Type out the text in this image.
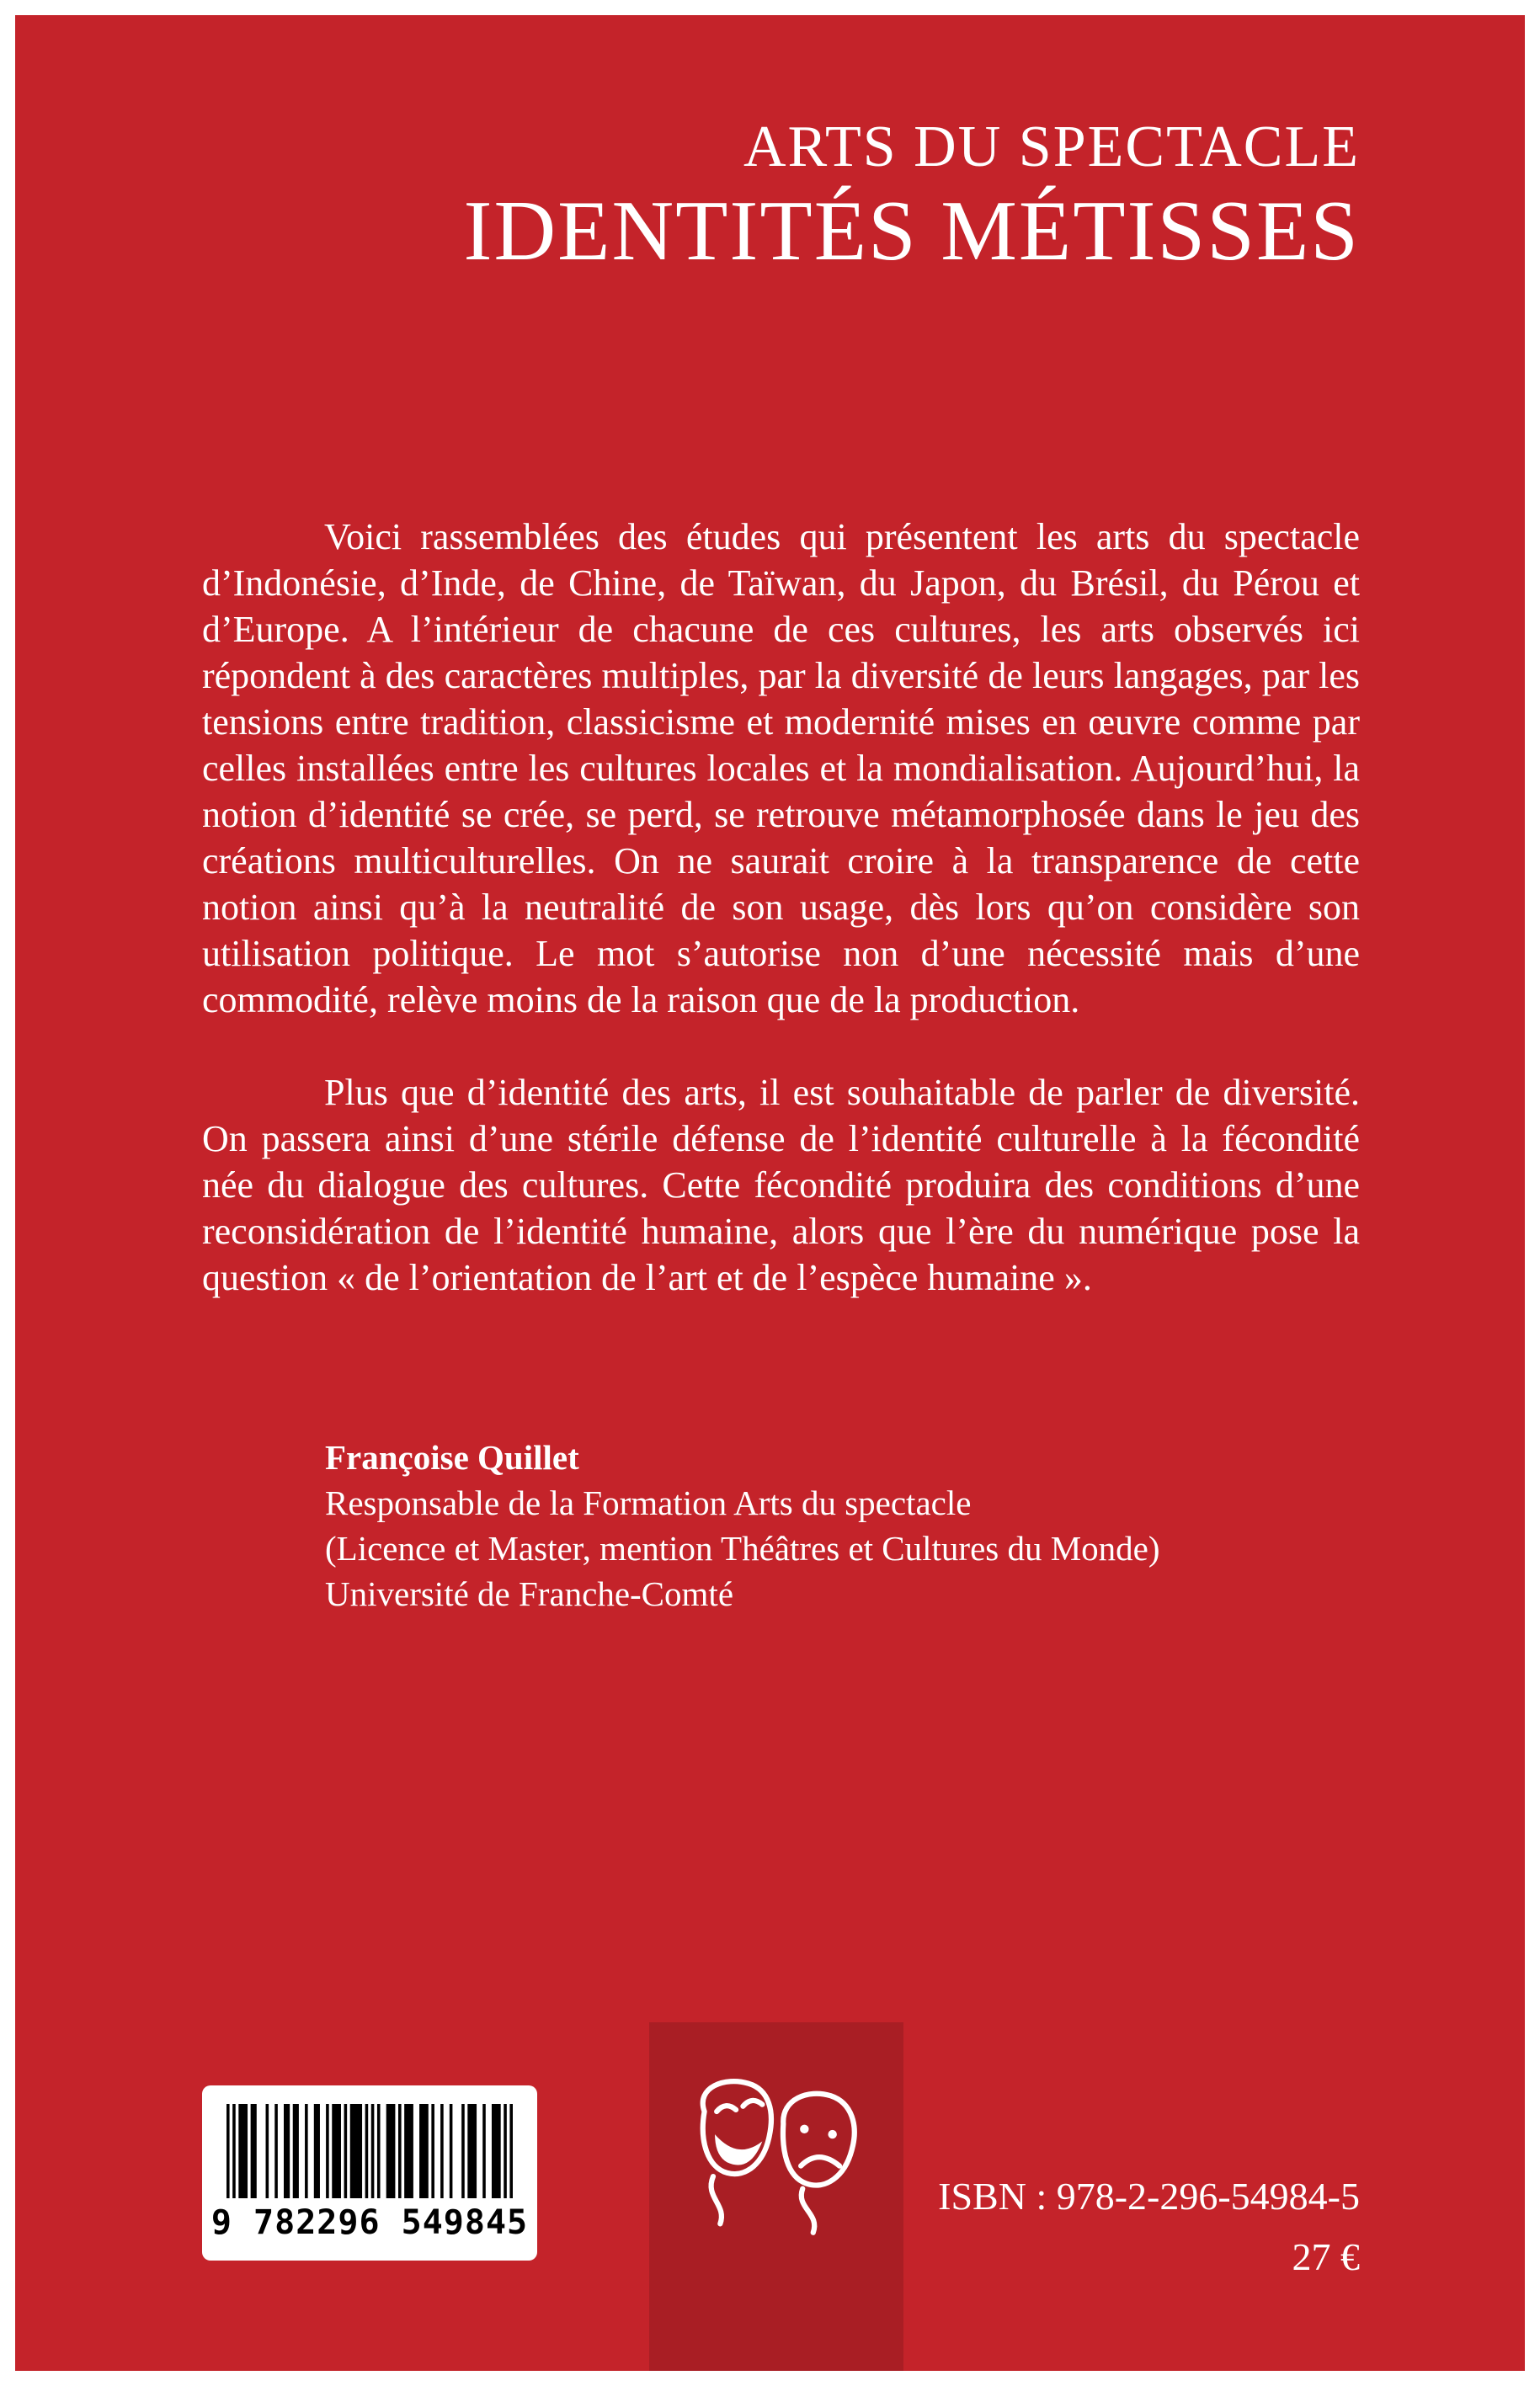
ARTS DU SPECTACLE
IDENTITÉS MÉTISSES

Voici rassemblées des études qui présentent les arts du spectacle d’Indonésie, d’Inde, de Chine, de Taïwan, du Japon, du Brésil, du Pérou et d’Europe. A l’intérieur de chacune de ces cultures, les arts observés ici répondent à des caractères multiples, par la diversité de leurs langages, par les tensions entre tradition, classicisme et modernité mises en œuvre comme par celles installées entre les cultures locales et la mondialisation. Aujourd’hui, la notion d’identité se crée, se perd, se retrouve métamorphosée dans le jeu des créations multiculturelles. On ne saurait croire à la transparence de cette notion ainsi qu’à la neutralité de son usage, dès lors qu’on considère son utilisation politique. Le mot s’autorise non d’une nécessité mais d’une commodité, relève moins de la raison que de la production.

Plus que d’identité des arts, il est souhaitable de parler de diversité. On passera ainsi d’une stérile défense de l’identité culturelle à la fécondité née du dialogue des cultures. Cette fécondité produira des conditions d’une reconsidération de l’identité humaine, alors que l’ère du numérique pose la question « de l’orientation de l’art et de l’espèce humaine ».

Françoise Quillet
Responsable de la Formation Arts du spectacle
(Licence et Master, mention Théâtres et Cultures du Monde)
Université de Franche-Comté
9 782296 549845
ISBN : 978-2-296-54984-5
27 €
